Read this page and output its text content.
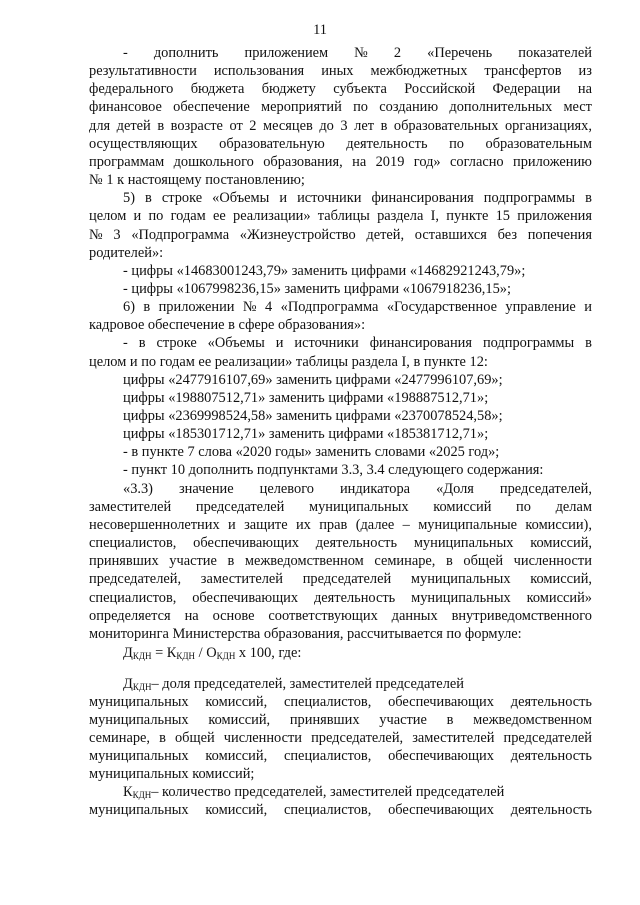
11
- дополнить приложением № 2 «Перечень показателей
результативности использования иных межбюджетных трансфертов из
федерального бюджета бюджету субъекта Российской Федерации на
финансовое обеспечение мероприятий по созданию дополнительных мест
для детей в возрасте от 2 месяцев до 3 лет в образовательных организациях,
осуществляющих образовательную деятельность по образовательным
программам дошкольного образования, на 2019 год» согласно приложению
№ 1 к настоящему постановлению;
5) в строке «Объемы и источники финансирования подпрограммы в
целом и по годам ее реализации» таблицы раздела I, пункте 15 приложения
№ 3 «Подпрограмма «Жизнеустройство детей, оставшихся без попечения
родителей»:
- цифры «14683001243,79» заменить цифрами «14682921243,79»;
- цифры «1067998236,15» заменить цифрами «1067918236,15»;
6) в приложении № 4 «Подпрограмма «Государственное управление и
кадровое обеспечение в сфере образования»:
- в строке «Объемы и источники финансирования подпрограммы в
целом и по годам ее реализации» таблицы раздела I, в пункте 12:
цифры «2477916107,69» заменить цифрами «2477996107,69»;
цифры «198807512,71» заменить цифрами «198887512,71»;
цифры «2369998524,58» заменить цифрами «2370078524,58»;
цифры «185301712,71» заменить цифрами «185381712,71»;
- в пункте 7 слова «2020 годы» заменить словами «2025 год»;
- пункт 10 дополнить подпунктами 3.3, 3.4 следующего содержания:
«3.3) значение целевого индикатора «Доля председателей,
заместителей председателей муниципальных комиссий по делам
несовершеннолетних и защите их прав (далее – муниципальные комиссии),
специалистов, обеспечивающих деятельность муниципальных комиссий,
принявших участие в межведомственном семинаре, в общей численности
председателей, заместителей председателей муниципальных комиссий,
специалистов, обеспечивающих деятельность муниципальных комиссий»
определяется на основе соответствующих данных внутриведомственного
мониторинга Министерства образования, рассчитывается по формуле:
$Д_{КДН} = К_{КДН} / О_{КДН}$ х 100, где:
$Д_{КДН}-$ доля председателей, заместителей председателей
муниципальных комиссий, специалистов, обеспечивающих деятельность
муниципальных комиссий, принявших участие в межведомственном
семинаре, в общей численности председателей, заместителей председателей
муниципальных комиссий, специалистов, обеспечивающих деятельность
муниципальных комиссий;
$К_{КДН}-$ количество председателей, заместителей председателей
муниципальных комиссий, специалистов, обеспечивающих деятельность
